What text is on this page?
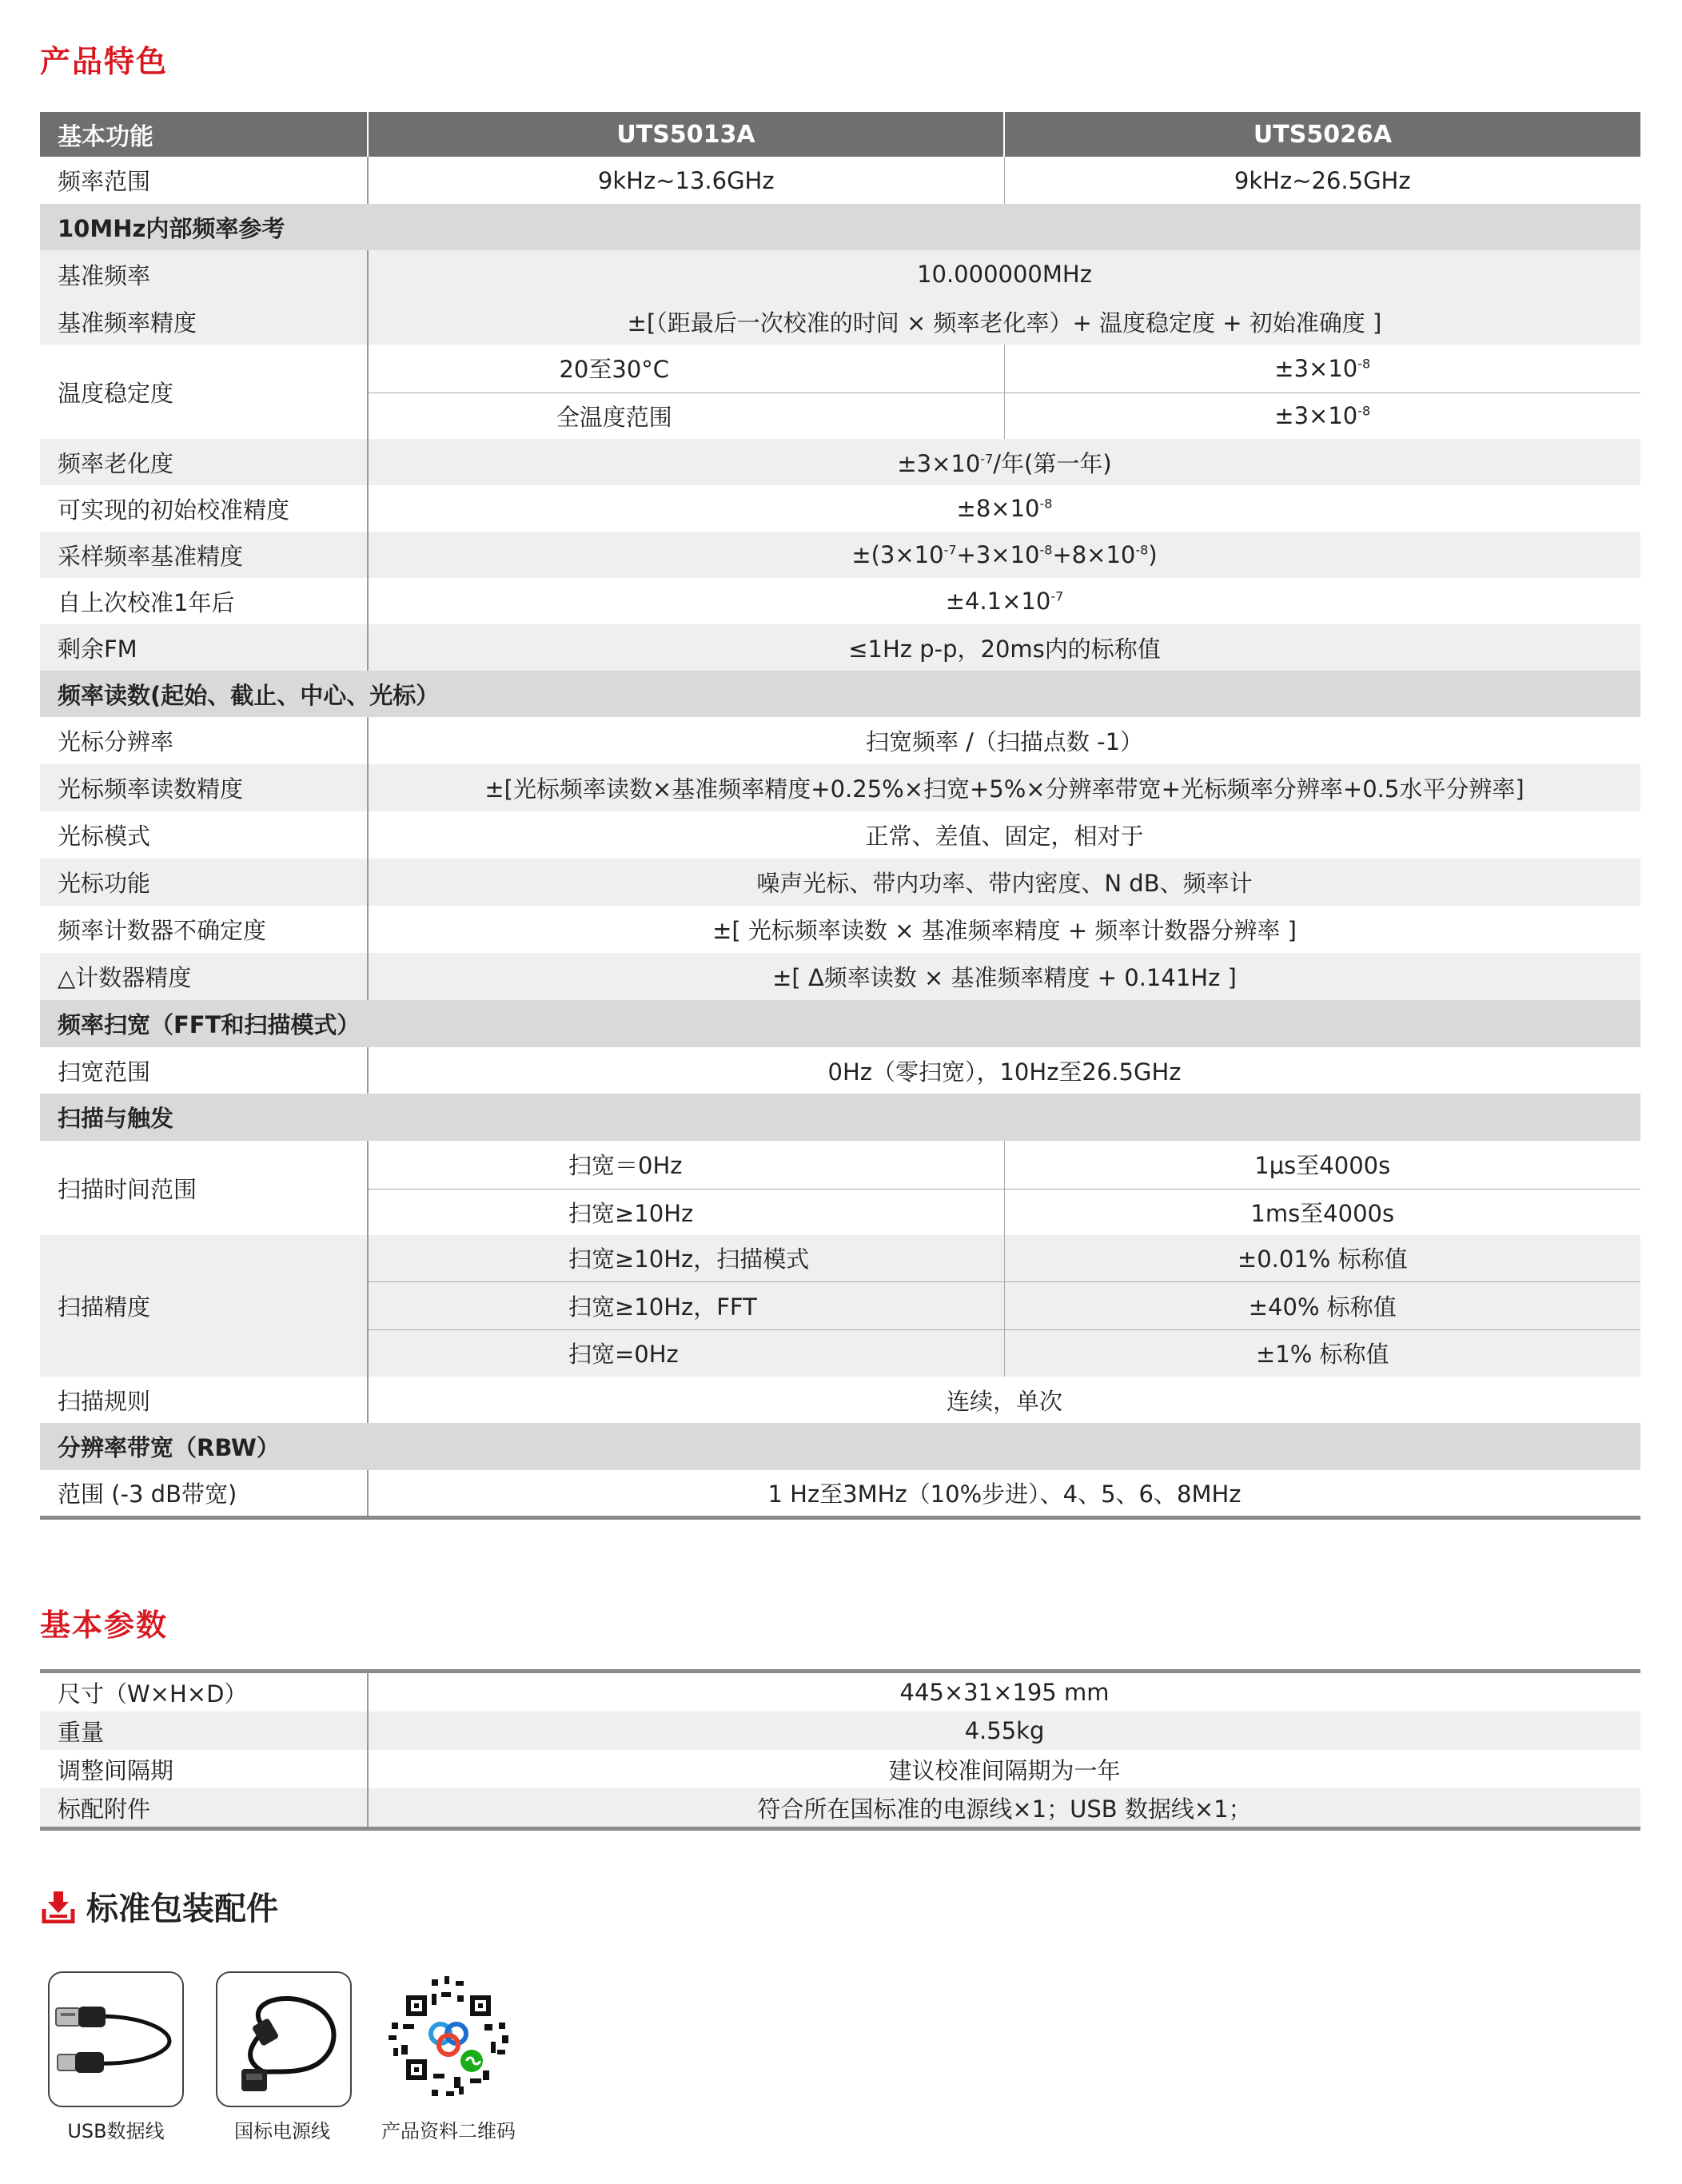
产品特色
基本功能	UTS5013A	UTS5026A
频率范围	9kHz~13.6GHz	9kHz~26.5GHz
10MHz内部频率参考		
基准频率	10.000000MHz	
基准频率精度	±[（距最后一次校准的时间 × 频率老化率）+ 温度稳定度 + 初始准确度 ]	
温度稳定度	20至30°C	$\pm 3\times 10^{-8}$
	全温度范围	$\pm 3\times 10^{-8}$
频率老化度	$\pm 3\times 10^{-7}/$年(第一年)	
可实现的初始校准精度	$\pm 8\times 10^{-8}$
采样频率基准精度	$\pm(3\times 10^{-7}+3\times 10^{-8}+8\times 10^{-8})$	
自上次校准1年后	$\pm 4.1\times 10^{-7}$
剩余FM	≤1Hz p-p，20ms内的标称值	
频率读数(起始、截止、中心、光标）		
光标分辨率	扫宽频率 /（扫描点数 -1）	
光标频率读数精度	±[光标频率读数×基准频率精度+0.25%×扫宽+5%×分辨率带宽+光标频率分辨率+0.5水平分辨率]	
光标模式	正常、差值、固定，相对于	
光标功能	噪声光标、带内功率、带内密度、N dB、频率计	
频率计数器不确定度	±[ 光标频率读数 × 基准频率精度 + 频率计数器分辨率 ]	
△计数器精度	±[ Δ频率读数 × 基准频率精度 + 0.141Hz ]	
频率扫宽（FFT和扫描模式）		
扫宽范围	0Hz（零扫宽），10Hz至26.5GHz	
扫描与触发		
扫描时间范围	扫宽＝0Hz	1μs至4000s
	扫宽≥10Hz	1ms至4000s
扫描精度	扫宽≥10Hz，扫描模式	±0.01% 标称值
	扫宽≥10Hz，FFT	±40% 标称值
	扫宽=0Hz	±1% 标称值
扫描规则	连续，单次	
分辨率带宽（RBW）		
范围 (-3 dB带宽)	1 Hz至3MHz（10%步进）、4、5、6、8MHz	
基本参数
尺寸（W×H×D）	445×31×195 mm
重量	4.55kg
调整间隔期	建议校准间隔期为一年
标配附件	符合所在国标准的电源线×1；USB 数据线×1；
标准包装配件
USB数据线	国标电源线	产品资料二维码
